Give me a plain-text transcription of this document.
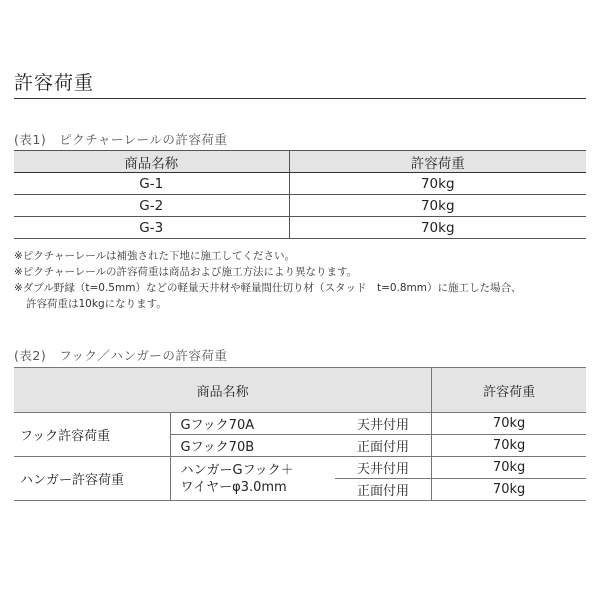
許容荷重
(表1)　ピクチャーレールの許容荷重
商品名称	許容荷重
G-1	70kg
G-2	70kg
G-3	70kg
※ピクチャーレールは補強された下地に施工してください。
※ピクチャーレールの許容荷重は商品および施工方法により異なります。
※ダブル野縁（t=0.5mm）などの軽量天井材や軽量間仕切り材（スタッド　t=0.8mm）に施工した場合、
許容荷重は10kgになります。
(表2)　フック／ハンガーの許容荷重
商品名称			許容荷重
フック許容荷重	Gフック70A	天井付用	70kg
	Gフック70B	正面付用	70kg
ハンガー許容荷重	ハンガーGフック＋
ワイヤーφ3.0mm	天井付用	70kg
		正面付用	70kg
